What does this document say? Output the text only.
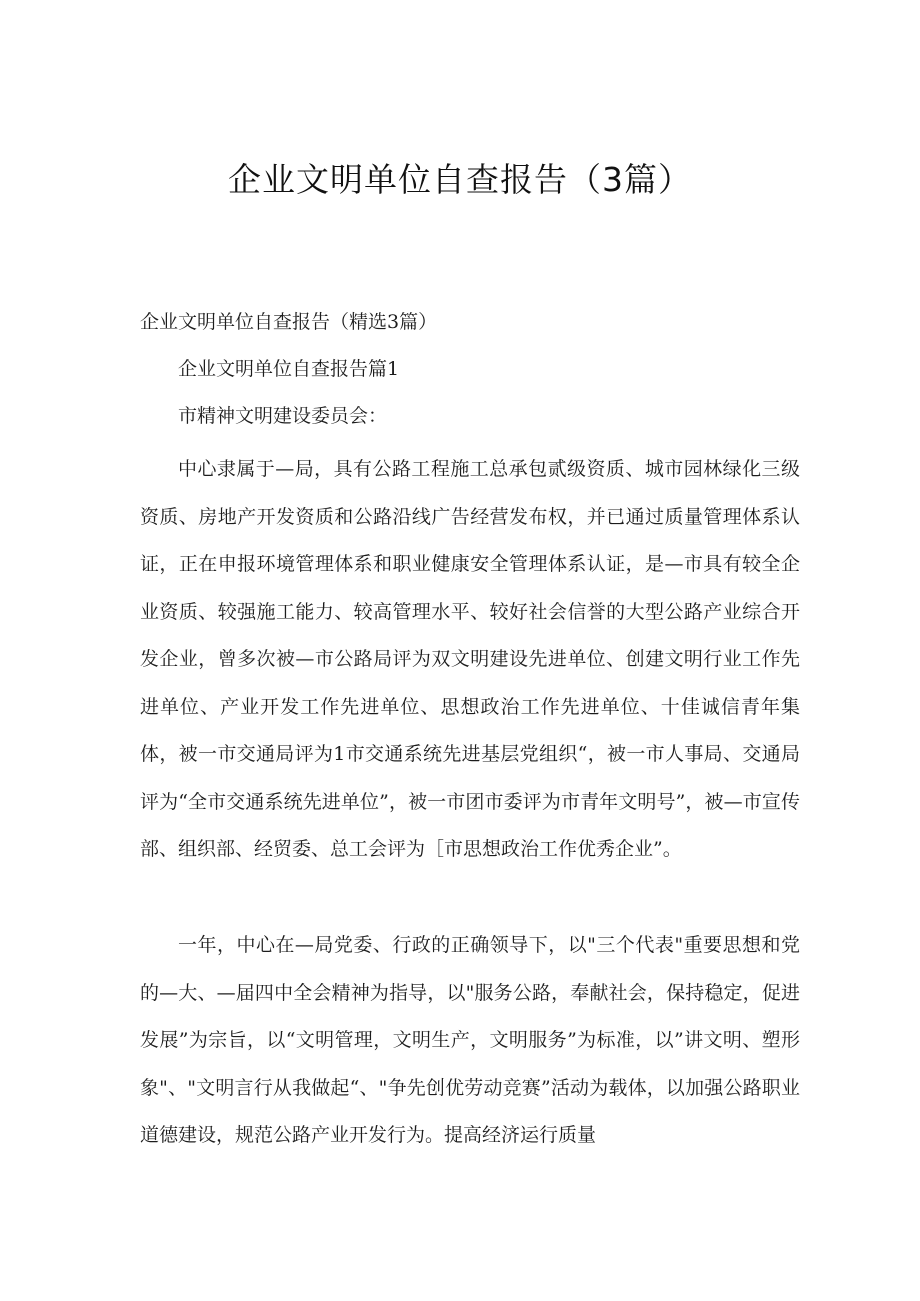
企业文明单位自查报告（3篇）
企业文明单位自查报告（精选3篇）
企业文明单位自查报告篇1
市精神文明建设委员会：

中心隶属于—局，具有公路工程施工总承包贰级资质、城市园林绿化三级资质、房地产开发资质和公路沿线广告经营发布权，并已通过质量管理体系认证，正在申报环境管理体系和职业健康安全管理体系认证，是—市具有较全企业资质、较强施工能力、较高管理水平、较好社会信誉的大型公路产业综合开发企业，曾多次被—市公路局评为双文明建设先进单位、创建文明行业工作先进单位、产业开发工作先进单位、思想政治工作先进单位、十佳诚信青年集体，被一市交通局评为1市交通系统先进基层党组织“，被一市人事局、交通局评为“全市交通系统先进单位”，被一市团市委评为市青年文明号”，被—市宣传部、组织部、经贸委、总工会评为［市思想政治工作优秀企业”。

一年，中心在—局党委、行政的正确领导下，以"三个代表"重要思想和党的—大、—届四中全会精神为指导，以"服务公路，奉献社会，保持稳定，促进发展”为宗旨，以“文明管理，文明生产，文明服务”为标准，以”讲文明、塑形象"、"文明言行从我做起“、"争先创优劳动竞赛”活动为载体，以加强公路职业道德建设，规范公路产业开发行为。提高经济运行质量
